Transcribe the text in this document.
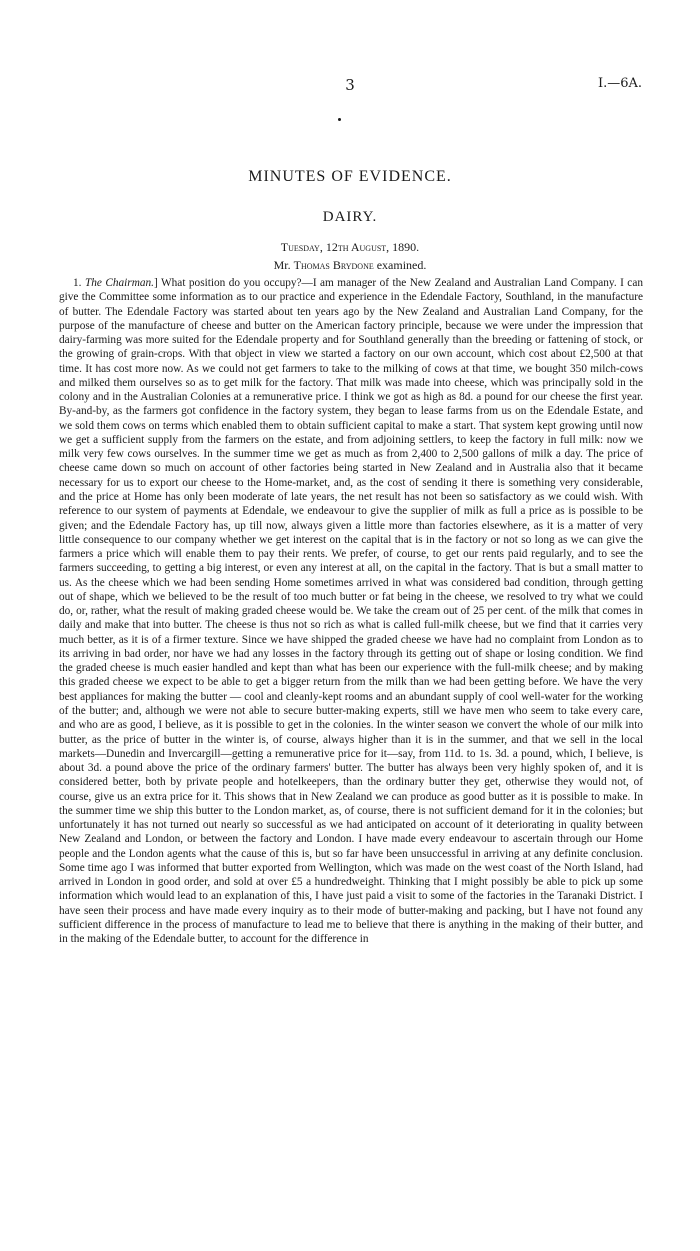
3	I.—6A.
MINUTES OF EVIDENCE.
DAIRY.
Tuesday, 12th August, 1890.
Mr. Thomas Brydone examined.

1. The Chairman.] What position do you occupy?—I am manager of the New Zealand and Australian Land Company. I can give the Committee some information as to our practice and experience in the Edendale Factory, Southland, in the manufacture of butter. The Edendale Factory was started about ten years ago by the New Zealand and Australian Land Company, for the purpose of the manufacture of cheese and butter on the American factory principle, because we were under the impression that dairy-farming was more suited for the Edendale property and for Southland generally than the breeding or fattening of stock, or the growing of grain-crops. With that object in view we started a factory on our own account, which cost about £2,500 at that time. It has cost more now. As we could not get farmers to take to the milking of cows at that time, we bought 350 milch-cows and milked them ourselves so as to get milk for the factory. That milk was made into cheese, which was principally sold in the colony and in the Australian Colonies at a remunerative price. I think we got as high as 8d. a pound for our cheese the first year. By-and-by, as the farmers got confidence in the factory system, they began to lease farms from us on the Edendale Estate, and we sold them cows on terms which enabled them to obtain sufficient capital to make a start. That system kept growing until now we get a sufficient supply from the farmers on the estate, and from adjoining settlers, to keep the factory in full milk: now we milk very few cows ourselves. In the summer time we get as much as from 2,400 to 2,500 gallons of milk a day. The price of cheese came down so much on account of other factories being started in New Zealand and in Australia also that it became necessary for us to export our cheese to the Home-market, and, as the cost of sending it there is something very considerable, and the price at Home has only been moderate of late years, the net result has not been so satisfactory as we could wish. With reference to our system of payments at Edendale, we endeavour to give the supplier of milk as full a price as is possible to be given; and the Edendale Factory has, up till now, always given a little more than factories elsewhere, as it is a matter of very little consequence to our company whether we get interest on the capital that is in the factory or not so long as we can give the farmers a price which will enable them to pay their rents. We prefer, of course, to get our rents paid regularly, and to see the farmers succeeding, to getting a big interest, or even any interest at all, on the capital in the factory. That is but a small matter to us. As the cheese which we had been sending Home sometimes arrived in what was considered bad condition, through getting out of shape, which we believed to be the result of too much butter or fat being in the cheese, we resolved to try what we could do, or, rather, what the result of making graded cheese would be. We take the cream out of 25 per cent. of the milk that comes in daily and make that into butter. The cheese is thus not so rich as what is called full-milk cheese, but we find that it carries very much better, as it is of a firmer texture. Since we have shipped the graded cheese we have had no complaint from London as to its arriving in bad order, nor have we had any losses in the factory through its getting out of shape or losing condition. We find the graded cheese is much easier handled and kept than what has been our experience with the full-milk cheese; and by making this graded cheese we expect to be able to get a bigger return from the milk than we had been getting before. We have the very best appliances for making the butter — cool and cleanly-kept rooms and an abundant supply of cool well-water for the working of the butter; and, although we were not able to secure butter-making experts, still we have men who seem to take every care, and who are as good, I believe, as it is possible to get in the colonies. In the winter season we convert the whole of our milk into butter, as the price of butter in the winter is, of course, always higher than it is in the summer, and that we sell in the local markets—Dunedin and Invercargill—getting a remunerative price for it—say, from 11d. to 1s. 3d. a pound, which, I believe, is about 3d. a pound above the price of the ordinary farmers' butter. The butter has always been very highly spoken of, and it is considered better, both by private people and hotelkeepers, than the ordinary butter they get, otherwise they would not, of course, give us an extra price for it. This shows that in New Zealand we can produce as good butter as it is possible to make. In the summer time we ship this butter to the London market, as, of course, there is not sufficient demand for it in the colonies; but unfortunately it has not turned out nearly so successful as we had anticipated on account of it deteriorating in quality between New Zealand and London, or between the factory and London. I have made every endeavour to ascertain through our Home people and the London agents what the cause of this is, but so far have been unsuccessful in arriving at any definite conclusion. Some time ago I was informed that butter exported from Wellington, which was made on the west coast of the North Island, had arrived in London in good order, and sold at over £5 a hundredweight. Thinking that I might possibly be able to pick up some information which would lead to an explanation of this, I have just paid a visit to some of the factories in the Taranaki District. I have seen their process and have made every inquiry as to their mode of butter-making and packing, but I have not found any sufficient difference in the process of manufacture to lead me to believe that there is anything in the making of their butter, and in the making of the Edendale butter, to account for the difference in
